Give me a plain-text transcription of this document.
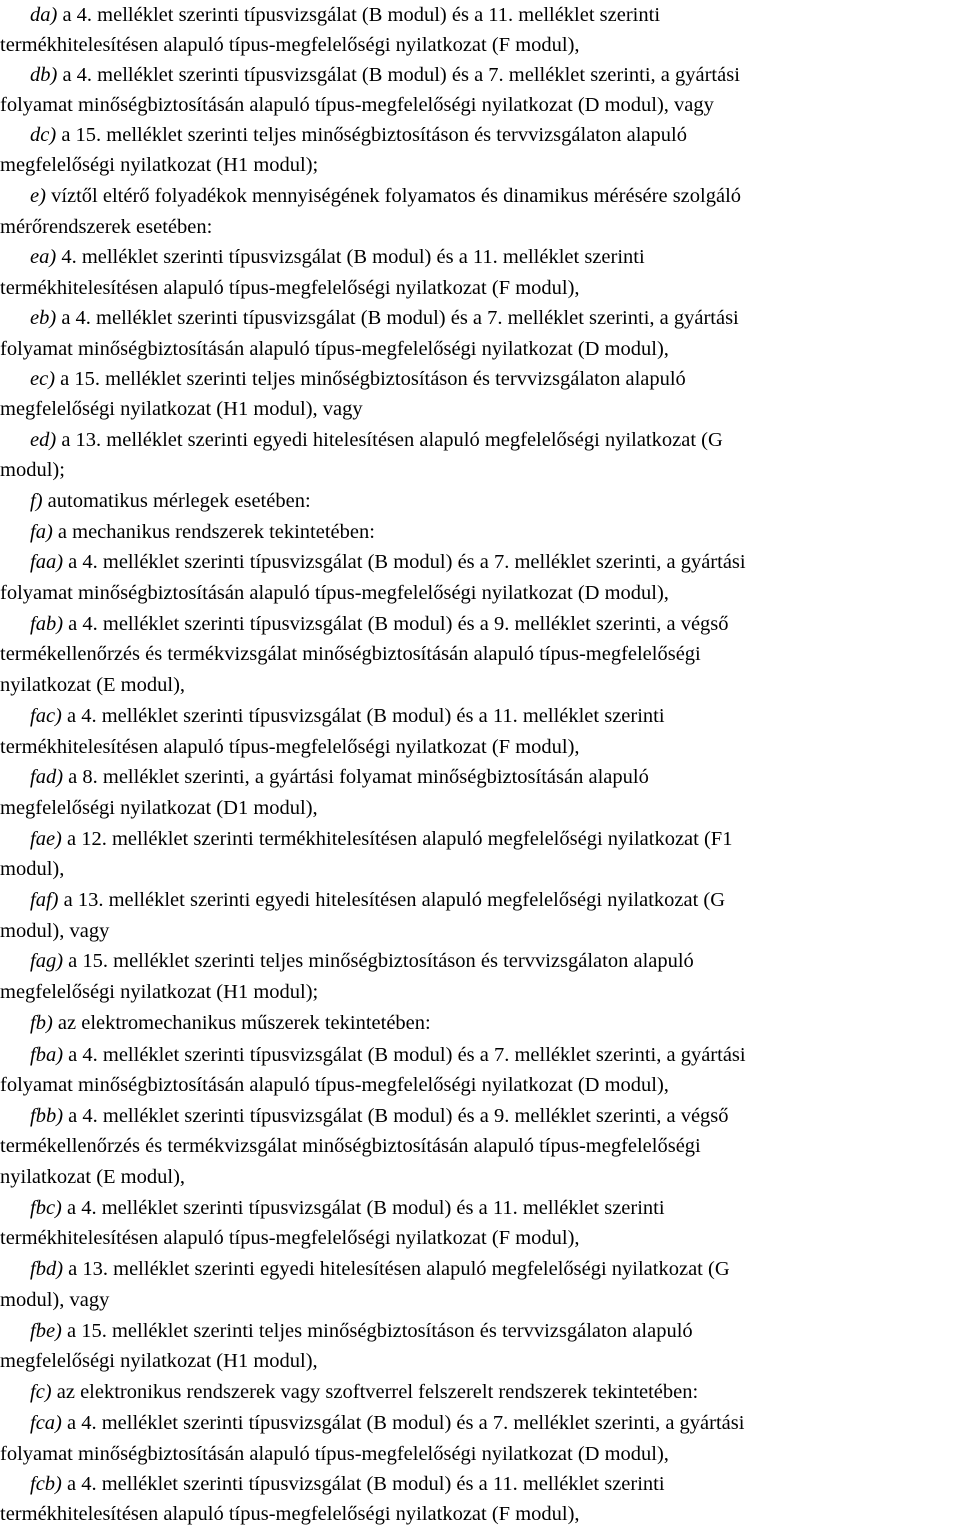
da) a 4. melléklet szerinti típusvizsgálat (B modul) és a 11. melléklet szerinti
termékhitelesítésen alapuló típus-megfelelőségi nyilatkozat (F modul),
db) a 4. melléklet szerinti típusvizsgálat (B modul) és a 7. melléklet szerinti, a gyártási
folyamat minőségbiztosításán alapuló típus-megfelelőségi nyilatkozat (D modul), vagy
dc) a 15. melléklet szerinti teljes minőségbiztosításon és tervvizsgálaton alapuló
megfelelőségi nyilatkozat (H1 modul);
e) víztől eltérő folyadékok mennyiségének folyamatos és dinamikus mérésére szolgáló
mérőrendszerek esetében:
ea) 4. melléklet szerinti típusvizsgálat (B modul) és a 11. melléklet szerinti
termékhitelesítésen alapuló típus-megfelelőségi nyilatkozat (F modul),
eb) a 4. melléklet szerinti típusvizsgálat (B modul) és a 7. melléklet szerinti, a gyártási
folyamat minőségbiztosításán alapuló típus-megfelelőségi nyilatkozat (D modul),
ec) a 15. melléklet szerinti teljes minőségbiztosításon és tervvizsgálaton alapuló
megfelelőségi nyilatkozat (H1 modul), vagy
ed) a 13. melléklet szerinti egyedi hitelesítésen alapuló megfelelőségi nyilatkozat (G
modul);
f) automatikus mérlegek esetében:
fa) a mechanikus rendszerek tekintetében:
faa) a 4. melléklet szerinti típusvizsgálat (B modul) és a 7. melléklet szerinti, a gyártási
folyamat minőségbiztosításán alapuló típus-megfelelőségi nyilatkozat (D modul),
fab) a 4. melléklet szerinti típusvizsgálat (B modul) és a 9. melléklet szerinti, a végső
termékellenőrzés és termékvizsgálat minőségbiztosításán alapuló típus-megfelelőségi
nyilatkozat (E modul),
fac) a 4. melléklet szerinti típusvizsgálat (B modul) és a 11. melléklet szerinti
termékhitelesítésen alapuló típus-megfelelőségi nyilatkozat (F modul),
fad) a 8. melléklet szerinti, a gyártási folyamat minőségbiztosításán alapuló
megfelelőségi nyilatkozat (D1 modul),
fae) a 12. melléklet szerinti termékhitelesítésen alapuló megfelelőségi nyilatkozat (F1
modul),
faf) a 13. melléklet szerinti egyedi hitelesítésen alapuló megfelelőségi nyilatkozat (G
modul), vagy
fag) a 15. melléklet szerinti teljes minőségbiztosításon és tervvizsgálaton alapuló
megfelelőségi nyilatkozat (H1 modul);
fb) az elektromechanikus műszerek tekintetében:
fba) a 4. melléklet szerinti típusvizsgálat (B modul) és a 7. melléklet szerinti, a gyártási
folyamat minőségbiztosításán alapuló típus-megfelelőségi nyilatkozat (D modul),
fbb) a 4. melléklet szerinti típusvizsgálat (B modul) és a 9. melléklet szerinti, a végső
termékellenőrzés és termékvizsgálat minőségbiztosításán alapuló típus-megfelelőségi
nyilatkozat (E modul),
fbc) a 4. melléklet szerinti típusvizsgálat (B modul) és a 11. melléklet szerinti
termékhitelesítésen alapuló típus-megfelelőségi nyilatkozat (F modul),
fbd) a 13. melléklet szerinti egyedi hitelesítésen alapuló megfelelőségi nyilatkozat (G
modul), vagy
fbe) a 15. melléklet szerinti teljes minőségbiztosításon és tervvizsgálaton alapuló
megfelelőségi nyilatkozat (H1 modul),
fc) az elektronikus rendszerek vagy szoftverrel felszerelt rendszerek tekintetében:
fca) a 4. melléklet szerinti típusvizsgálat (B modul) és a 7. melléklet szerinti, a gyártási
folyamat minőségbiztosításán alapuló típus-megfelelőségi nyilatkozat (D modul),
fcb) a 4. melléklet szerinti típusvizsgálat (B modul) és a 11. melléklet szerinti
termékhitelesítésen alapuló típus-megfelelőségi nyilatkozat (F modul),
